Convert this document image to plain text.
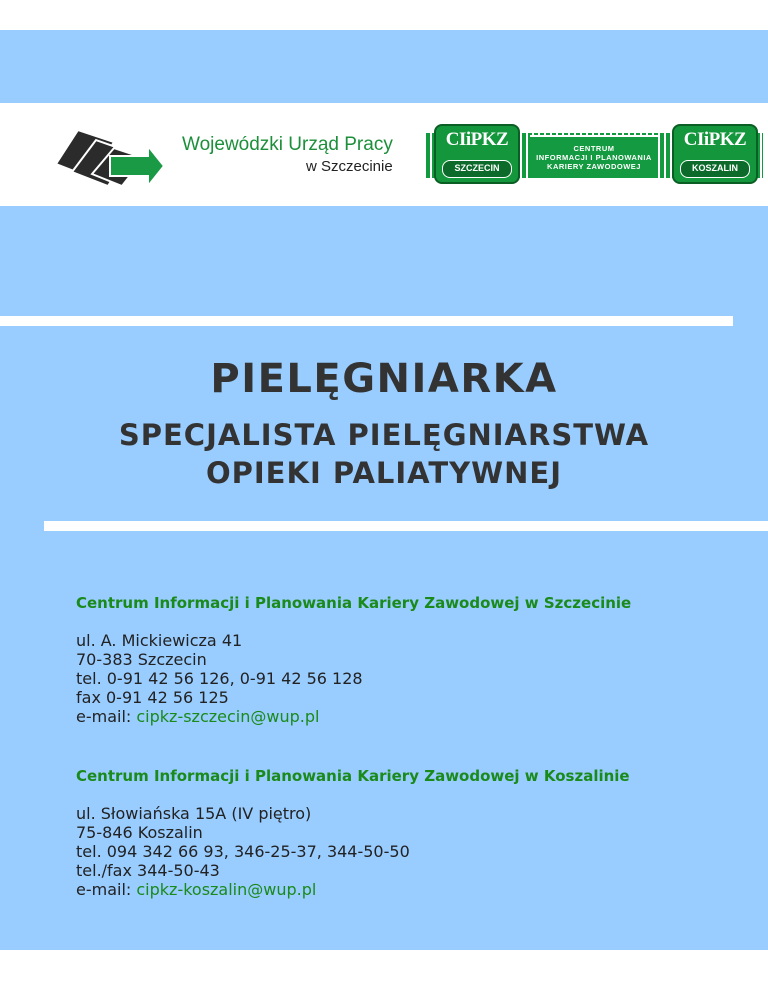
Wojewódzki Urząd Pracy
w Szczecinie
CENTRUM
INFORMACJI I PLANOWANIA
KARIERY ZAWODOWEJ
CIiPKZ
SZCZECIN
CIiPKZ
KOSZALIN
PIELĘGNIARKA
SPECJALISTA PIELĘGNIARSTWA
OPIEKI PALIATYWNEJ

Centrum Informacji i Planowania Kariery Zawodowej w Szczecinie

ul. A. Mickiewicza 41
70-383 Szczecin
tel. 0-91 42 56 126, 0-91 42 56 128
fax 0-91 42 56 125
e-mail: cipkz-szczecin@wup.pl

Centrum Informacji i Planowania Kariery Zawodowej w Koszalinie

ul. Słowiańska 15A (IV piętro)
75-846 Koszalin
tel. 094 342 66 93, 346-25-37, 344-50-50
tel./fax 344-50-43
e-mail: cipkz-koszalin@wup.pl
